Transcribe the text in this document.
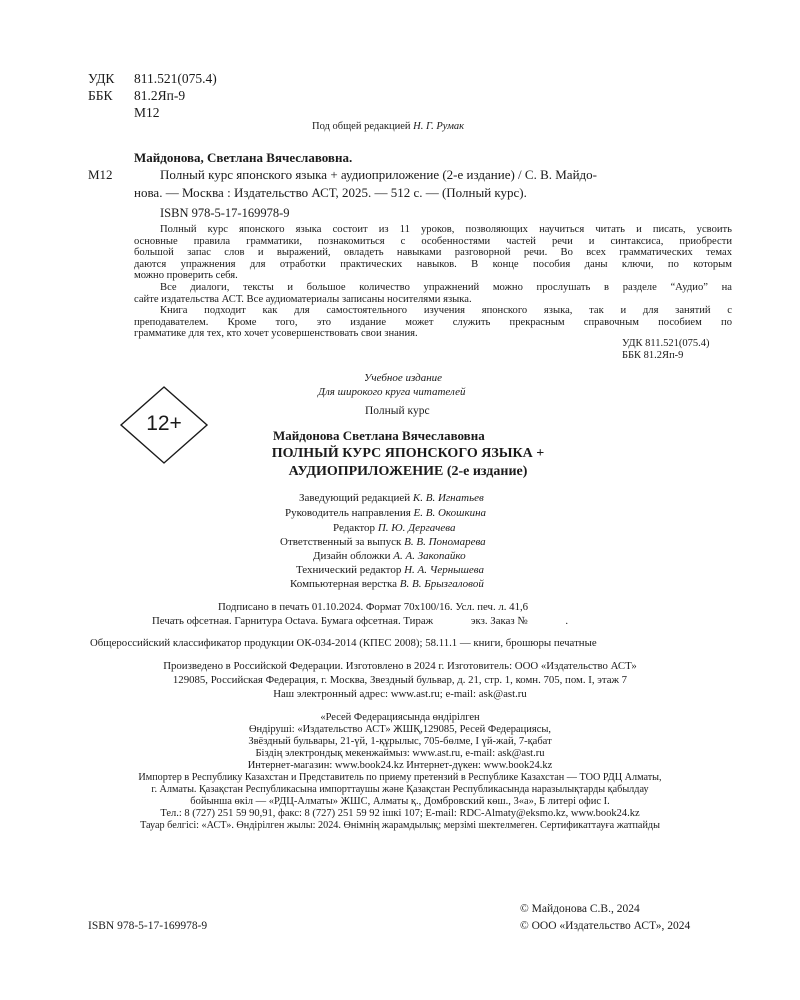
УДК 811.521(075.4)
ББК 81.2Яп-9
М12
Под общей редакцией Н. Г. Румак
Майдонова, Светлана Вячеславовна.
М12	Полный курс японского языка + аудиоприложение (2-е издание) / С. В. Майдо-
нова. — Москва : Издательство АСТ, 2025. — 512 с. — (Полный курс).
ISBN 978-5-17-169978-9
Полный курс японского языка состоит из 11 уроков, позволяющих научиться читать и писать, усвоить
основные правила грамматики, познакомиться с особенностями частей речи и синтаксиса, приобрести
большой запас слов и выражений, овладеть навыками разговорной речи. Во всех грамматических темах
даются упражнения для отработки практических навыков. В конце пособия даны ключи, по которым
можно проверить себя.
Все диалоги, тексты и большое количество упражнений можно прослушать в разделе “Аудио” на
сайте издательства АСТ. Все аудиоматериалы записаны носителями языка.
Книга подходит как для самостоятельного изучения японского языка, так и для занятий с
преподавателем. Кроме того, это издание может служить прекрасным справочным пособием по
грамматике для тех, кто хочет усовершенствовать свои знания.
УДК 811.521(075.4)
ББК 81.2Яп-9
12+
Учебное издание
Для широкого круга читателей
Полный курс
Майдонова Светлана Вячеславовна
ПОЛНЫЙ КУРС ЯПОНСКОГО ЯЗЫКА +
АУДИОПРИЛОЖЕНИЕ (2-е издание)
Заведующий редакцией К. В. Игнатьев
Руководитель направления Е. В. Окошкина
Редактор П. Ю. Дергачева
Ответственный за выпуск В. В. Пономарева
Дизайн обложки А. А. Закопайко
Технический редактор Н. А. Чернышева
Компьютерная верстка В. В. Брызгаловой
Подписано в печать 01.10.2024. Формат 70x100/16. Усл. печ. л. 41,6
Печать офсетная. Гарнитура Octava. Бумага офсетная. Тираж              экз. Заказ №              .
Общероссийский классификатор продукции ОК-034-2014 (КПЕС 2008); 58.11.1 — книги, брошюры печатные
Произведено в Российской Федерации. Изготовлено в 2024 г. Изготовитель: ООО «Издательство АСТ»
129085, Российская Федерация, г. Москва, Звездный бульвар, д. 21, стр. 1, комн. 705, пом. I, этаж 7
Наш электронный адрес: www.ast.ru; e-mail: ask@ast.ru
«Ресей Федерациясында өндірілген
Өндіруші: «Издательство АСТ» ЖШҚ,129085, Ресей Федерациясы,
Звёздный бульвары, 21-үй, 1-құрылыс, 705-бөлме, I үй-жай, 7-қабат
Біздің электрондық мекенжаймыз: www.ast.ru, e-mail: ask@ast.ru
Интернет-магазин: www.book24.kz Интернет-дүкен: www.book24.kz
Импортер в Республику Казахстан и Представитель по приему претензий в Республике Казахстан — ТОО РДЦ Алматы,
г. Алматы. Қазақстан Республикасына импорттаушы және Қазақстан Республикасында наразылықтарды қабылдау
бойынша өкіл — «РДЦ-Алматы» ЖШС, Алматы қ., Домбровский көш., 3«а», Б литері офис I.
Тел.: 8 (727) 251 59 90,91, факс: 8 (727) 251 59 92 ішкі 107; E-mail: RDC-Almaty@eksmo.kz, www.book24.kz
Тауар белгісі: «АСТ». Өндірілген жылы: 2024. Өнімнің жарамдылық; мерзімі шектелмеген. Сертификаттауға жатпайды
ISBN 978-5-17-169978-9
© Майдонова С.В., 2024
© ООО «Издательство АСТ», 2024
